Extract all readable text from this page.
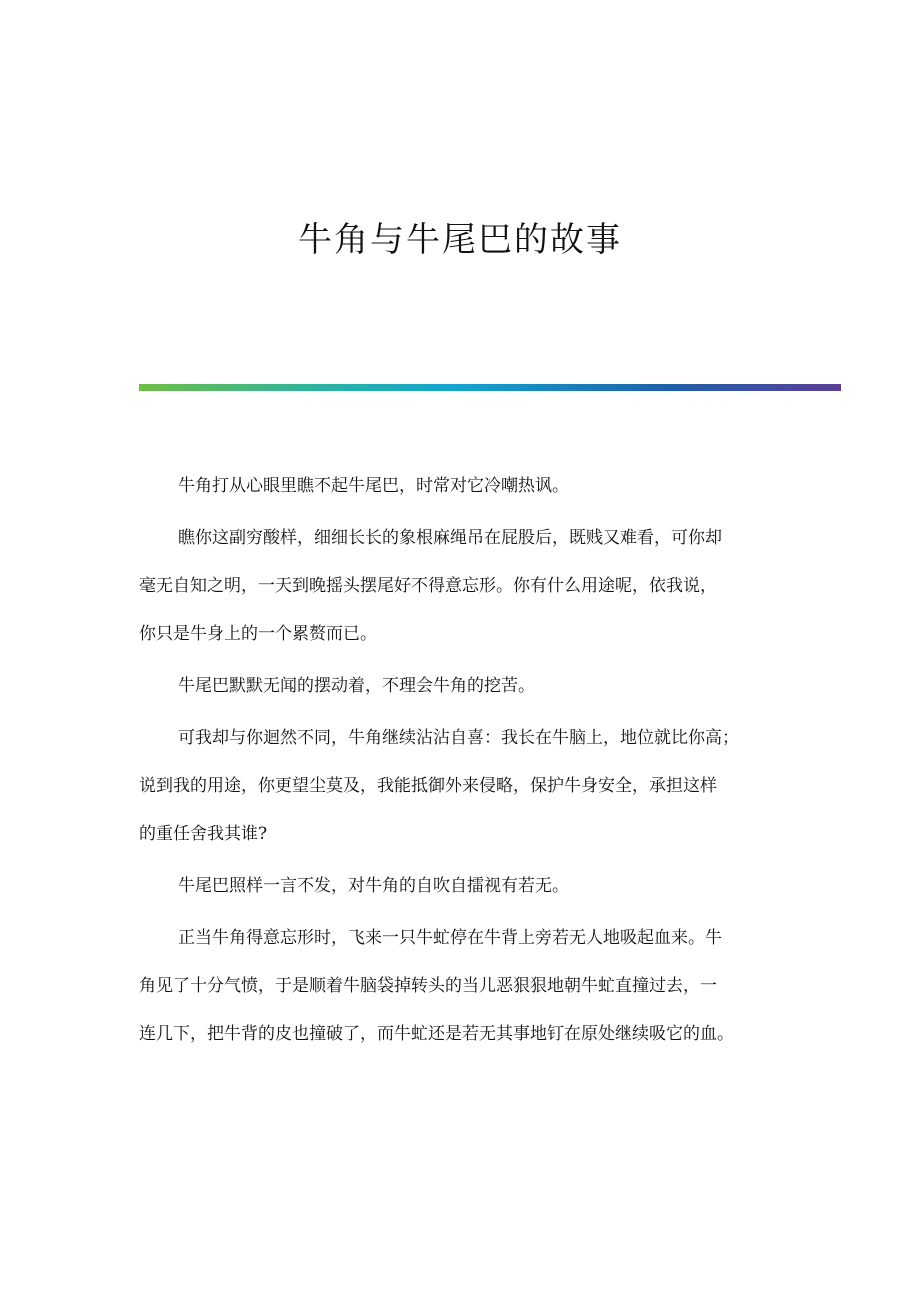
牛角与牛尾巴的故事

牛角打从心眼里瞧不起牛尾巴，时常对它冷嘲热讽。

瞧你这副穷酸样，细细长长的象根麻绳吊在屁股后，既贱又难看，可你却
毫无自知之明，一天到晚摇头摆尾好不得意忘形。你有什么用途呢，依我说，
你只是牛身上的一个累赘而已。

牛尾巴默默无闻的摆动着，不理会牛角的挖苦。

可我却与你迴然不同，牛角继续沾沾自喜：我长在牛脑上，地位就比你高；
说到我的用途，你更望尘莫及，我能抵御外来侵略，保护牛身安全，承担这样
的重任舍我其谁?

牛尾巴照样一言不发，对牛角的自吹自擂视有若无。

正当牛角得意忘形时，飞来一只牛虻停在牛背上旁若无人地吸起血来。牛
角见了十分气愤，于是顺着牛脑袋掉转头的当儿恶狠狠地朝牛虻直撞过去，一
连几下，把牛背的皮也撞破了，而牛虻还是若无其事地钉在原处继续吸它的血。
